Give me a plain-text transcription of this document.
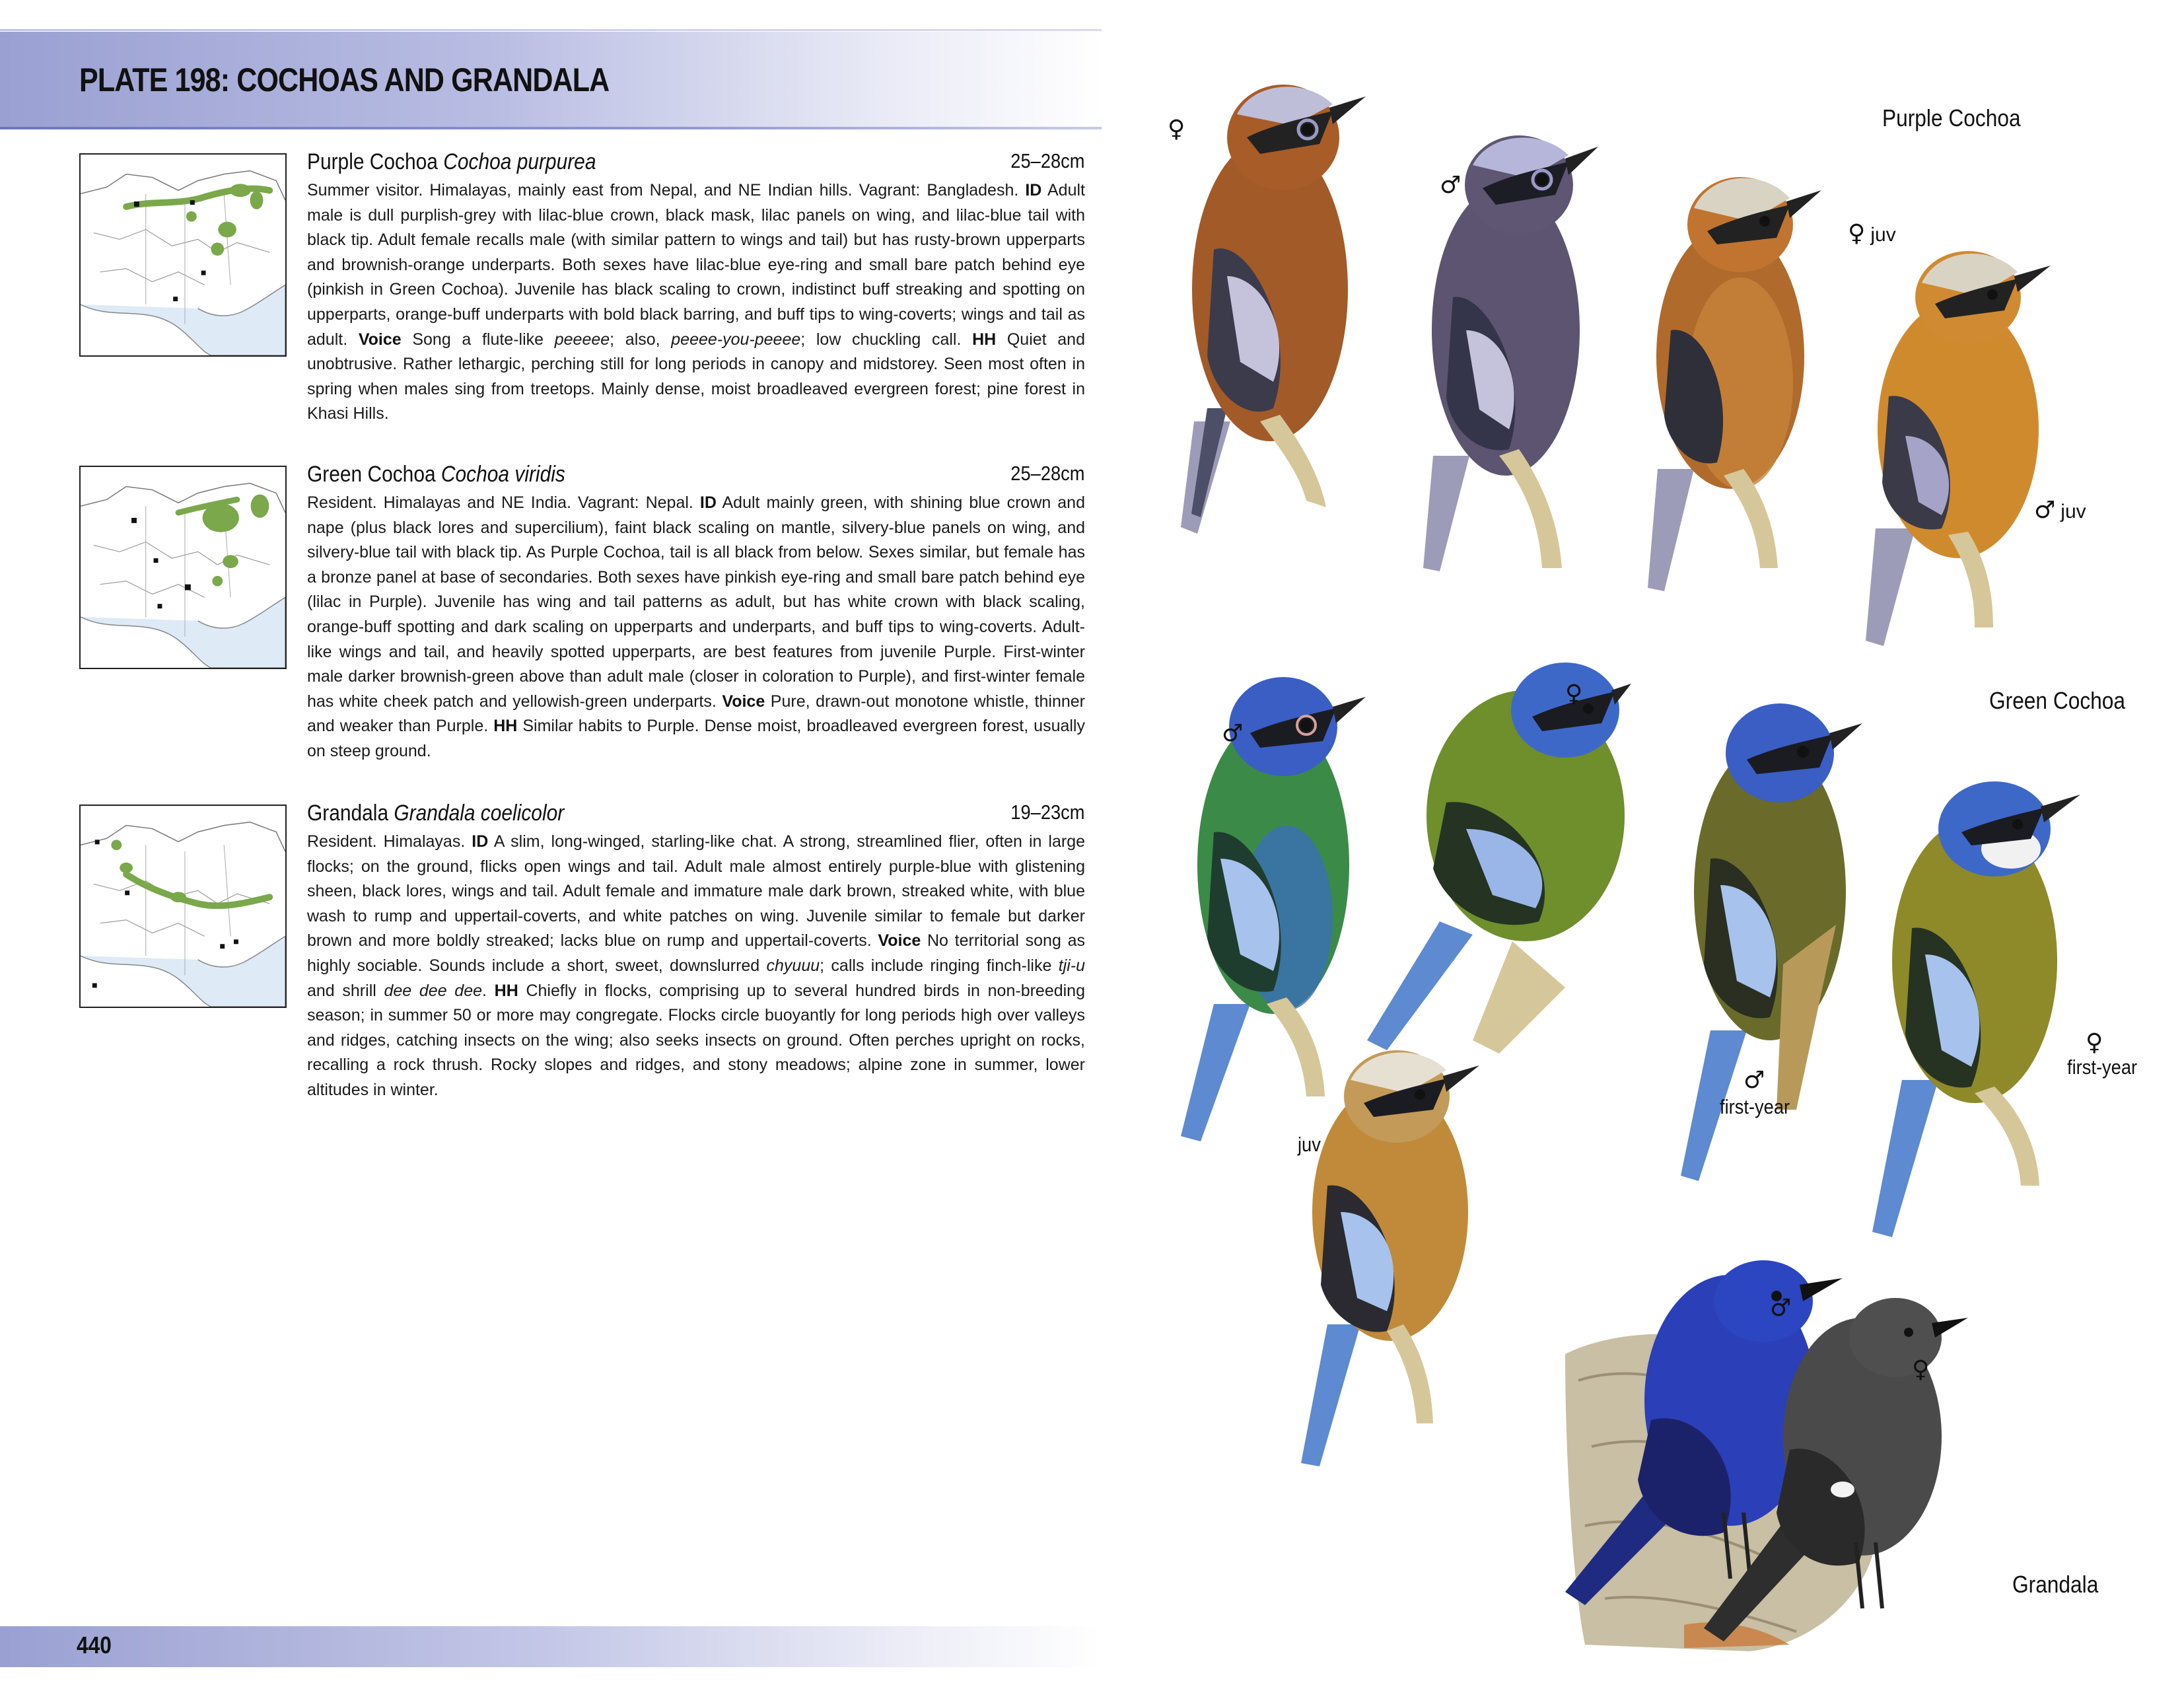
PLATE 198: COCHOAS AND GRANDALA
Purple Cochoa Cochoa purpurea	25–28cm

Summer visitor. Himalayas, mainly east from Nepal, and NE Indian hills. Vagrant: Bangladesh. ID Adult male is dull purplish-grey with lilac-blue crown, black mask, lilac panels on wing, and lilac-blue tail with black tip. Adult female recalls male (with similar pattern to wings and tail) but has rusty-brown upperparts and brownish-orange underparts. Both sexes have lilac-blue eye-ring and small bare patch behind eye (pinkish in Green Cochoa). Juvenile has black scaling to crown, indistinct buff streaking and spotting on upperparts, orange-buff underparts with bold black barring, and buff tips to wing-coverts; wings and tail as adult. Voice Song a flute-like peeeee; also, peeee-you-peeee; low chuckling call. HH Quiet and unobtrusive. Rather lethargic, perching still for long periods in canopy and midstorey. Seen most often in spring when males sing from treetops. Mainly dense, moist broadleaved evergreen forest; pine forest in Khasi Hills.

Green Cochoa Cochoa viridis	25–28cm

Resident. Himalayas and NE India. Vagrant: Nepal. ID Adult mainly green, with shining blue crown and nape (plus black lores and supercilium), faint black scaling on mantle, silvery-blue panels on wing, and silvery-blue tail with black tip. As Purple Cochoa, tail is all black from below. Sexes similar, but female has a bronze panel at base of secondaries. Both sexes have pinkish eye-ring and small bare patch behind eye (lilac in Purple). Juvenile has wing and tail patterns as adult, but has white crown with black scaling, orange-buff spotting and dark scaling on upperparts and underparts, and buff tips to wing-coverts. Adult-like wings and tail, and heavily spotted upperparts, are best features from juvenile Purple. First-winter male darker brownish-green above than adult male (closer in coloration to Purple), and first-winter female has white cheek patch and yellowish-green underparts. Voice Pure, drawn-out monotone whistle, thinner and weaker than Purple. HH Similar habits to Purple. Dense moist, broadleaved evergreen forest, usually on steep ground.

Grandala Grandala coelicolor	19–23cm

Resident. Himalayas. ID A slim, long-winged, starling-like chat. A strong, streamlined flier, often in large flocks; on the ground, flicks open wings and tail. Adult male almost entirely purple-blue with glistening sheen, black lores, wings and tail. Adult female and immature male dark brown, streaked white, with blue wash to rump and uppertail-coverts, and white patches on wing. Juvenile similar to female but darker brown and more boldly streaked; lacks blue on rump and uppertail-coverts. Voice No territorial song as highly sociable. Sounds include a short, sweet, downslurred chyuuu; calls include ringing finch-like tji-u and shrill dee dee dee. HH Chiefly in flocks, comprising up to several hundred birds in non-breeding season; in summer 50 or more may congregate. Flocks circle buoyantly for long periods high over valleys and ridges, catching insects on the wing; also seeks insects on ground. Often perches upright on rocks, recalling a rock thrush. Rocky slopes and ridges, and stony meadows; alpine zone in summer, lower altitudes in winter.

440
Purple Cochoa
♀
♂
♀ juv
♂ juv
Green Cochoa
♂
♀
♂
first-year
♀
first-year
juv
♂
♀
Grandala
